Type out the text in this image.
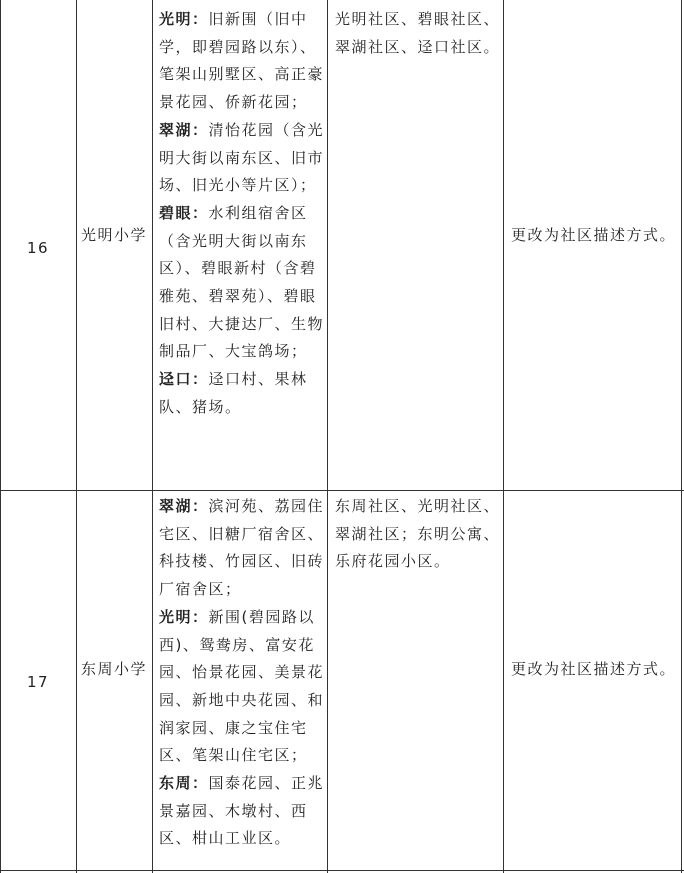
16
光明小学
光明：旧新围（旧中学，即碧园路以东）、笔架山别墅区、高正豪景花园、侨新花园；
翠湖：清怡花园（含光明大街以南东区、旧市场、旧光小等片区）；
碧眼：水利组宿舍区（含光明大街以南东区）、碧眼新村（含碧雅苑、碧翠苑）、碧眼旧村、大捷达厂、生物制品厂、大宝鸽场；
迳口：迳口村、果林队、猪场。
光明社区、碧眼社区、翠湖社区、迳口社区。
更改为社区描述方式。
17
东周小学
翠湖：滨河苑、荔园住宅区、旧糖厂宿舍区、科技楼、竹园区、旧砖厂宿舍区；
光明：新围(碧园路以西)、鸳鸯房、富安花园、怡景花园、美景花园、新地中央花园、和润家园、康之宝住宅区、笔架山住宅区；
东周：国泰花园、正兆景嘉园、木墩村、西区、柑山工业区。
东周社区、光明社区、翠湖社区；东明公寓、乐府花园小区。
更改为社区描述方式。
